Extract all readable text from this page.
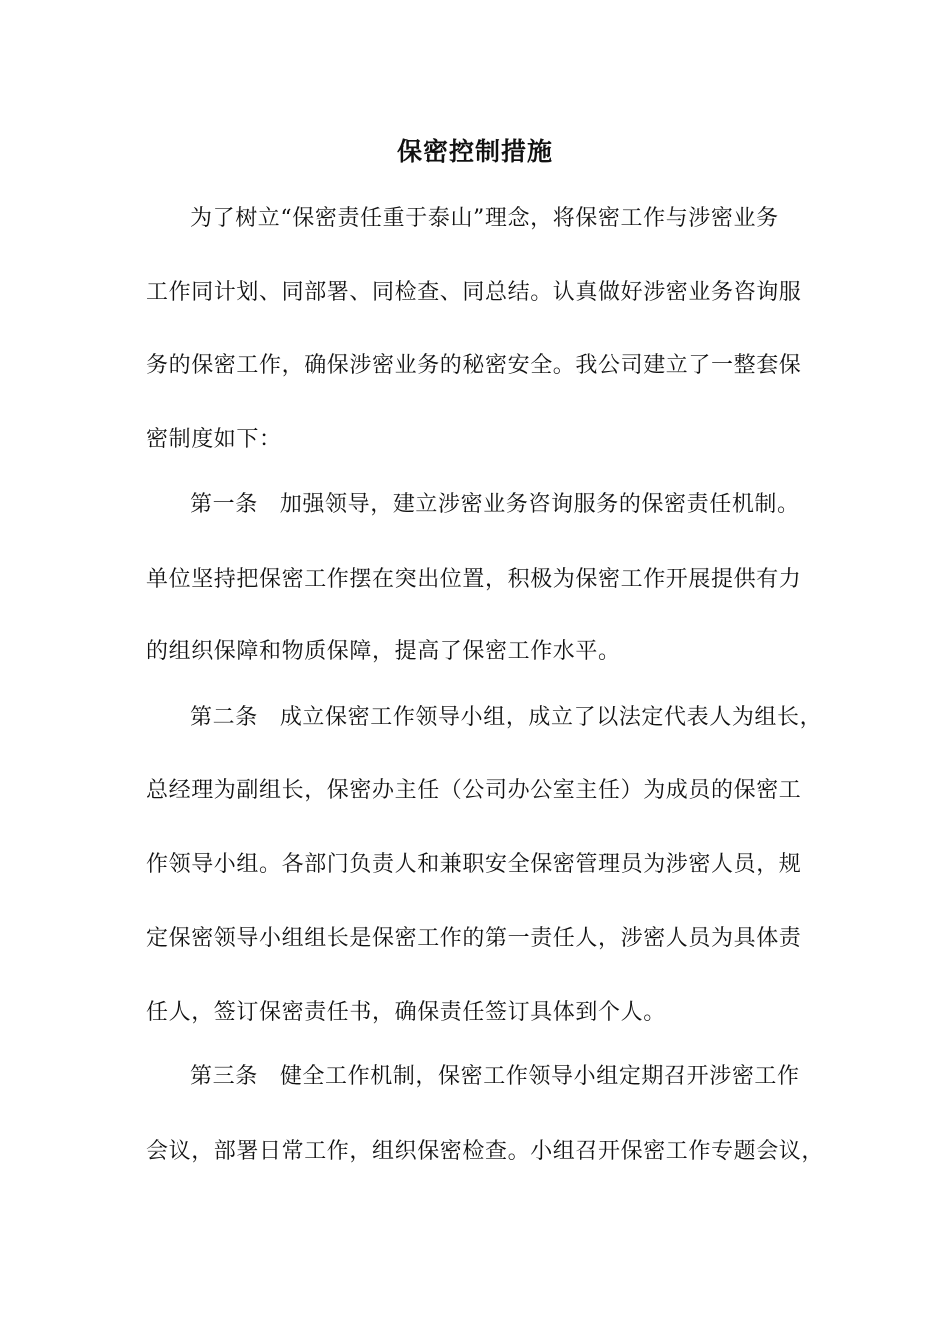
保密控制措施
为了树立“保密责任重于泰山”理念，将保密工作与涉密业务
工作同计划、同部署、同检查、同总结。认真做好涉密业务咨询服
务的保密工作，确保涉密业务的秘密安全。我公司建立了一整套保
密制度如下：
第一条 加强领导，建立涉密业务咨询服务的保密责任机制。
单位坚持把保密工作摆在突出位置，积极为保密工作开展提供有力
的组织保障和物质保障，提高了保密工作水平。
第二条 成立保密工作领导小组，成立了以法定代表人为组长，
总经理为副组长，保密办主任（公司办公室主任）为成员的保密工
作领导小组。各部门负责人和兼职安全保密管理员为涉密人员，规
定保密领导小组组长是保密工作的第一责任人，涉密人员为具体责
任人，签订保密责任书，确保责任签订具体到个人。
第三条 健全工作机制，保密工作领导小组定期召开涉密工作
会议，部署日常工作，组织保密检查。小组召开保密工作专题会议，
